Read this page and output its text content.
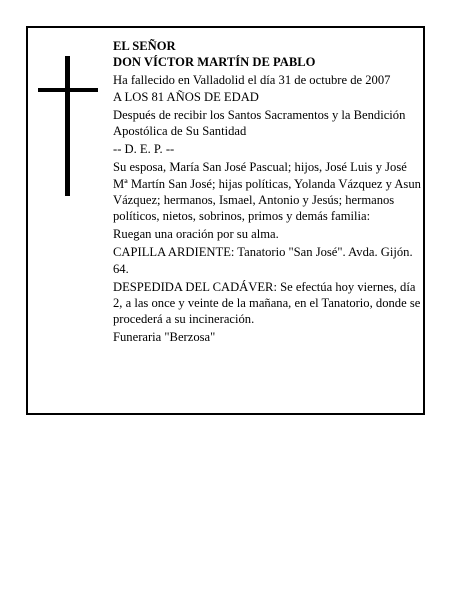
EL SEÑOR
DON VÍCTOR MARTÍN DE PABLO

Ha fallecido en Valladolid el día 31 de octubre de 2007
A LOS 81 AÑOS DE EDAD

Después de recibir los Santos Sacramentos y la Bendición Apostólica de Su Santidad

-- D. E. P. --

Su esposa, María San José Pascual; hijos, José Luis y José Mª Martín San José; hijas políticas, Yolanda Vázquez y Asun Vázquez; hermanos, Ismael, Antonio y Jesús; hermanos políticos, nietos, sobrinos, primos y demás familia:

Ruegan una oración por su alma.

CAPILLA ARDIENTE: Tanatorio "San José". Avda. Gijón. 64.

DESPEDIDA DEL CADÁVER: Se efectúa hoy viernes, día 2, a las once y veinte de la mañana, en el Tanatorio, donde se procederá a su incineración.

Funeraria "Berzosa"
